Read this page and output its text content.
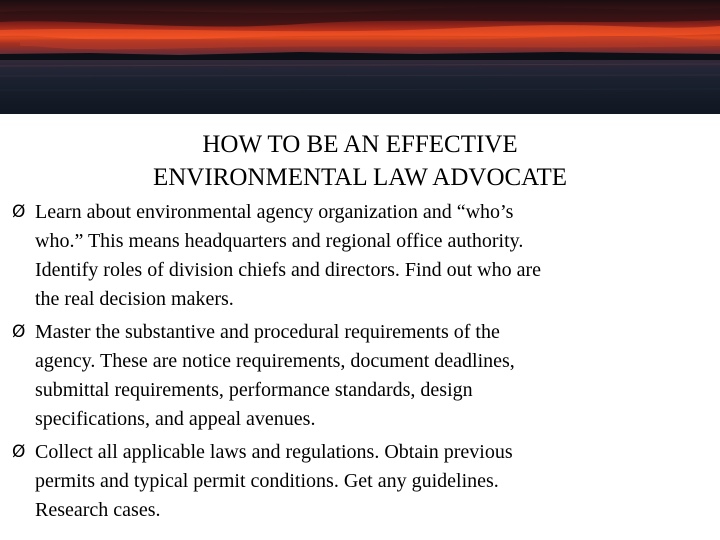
HOW TO BE AN EFFECTIVE
ENVIRONMENTAL LAW ADVOCATE
Ø Learn about environmental agency organization and “who’s
who.” This means headquarters and regional office authority.
Identify roles of division chiefs and directors. Find out who are
the real decision makers.
Ø Master the substantive and procedural requirements of the
agency. These are notice requirements, document deadlines,
submittal requirements, performance standards, design
specifications, and appeal avenues.
Ø Collect all applicable laws and regulations. Obtain previous
permits and typical permit conditions. Get any guidelines.
Research cases.
